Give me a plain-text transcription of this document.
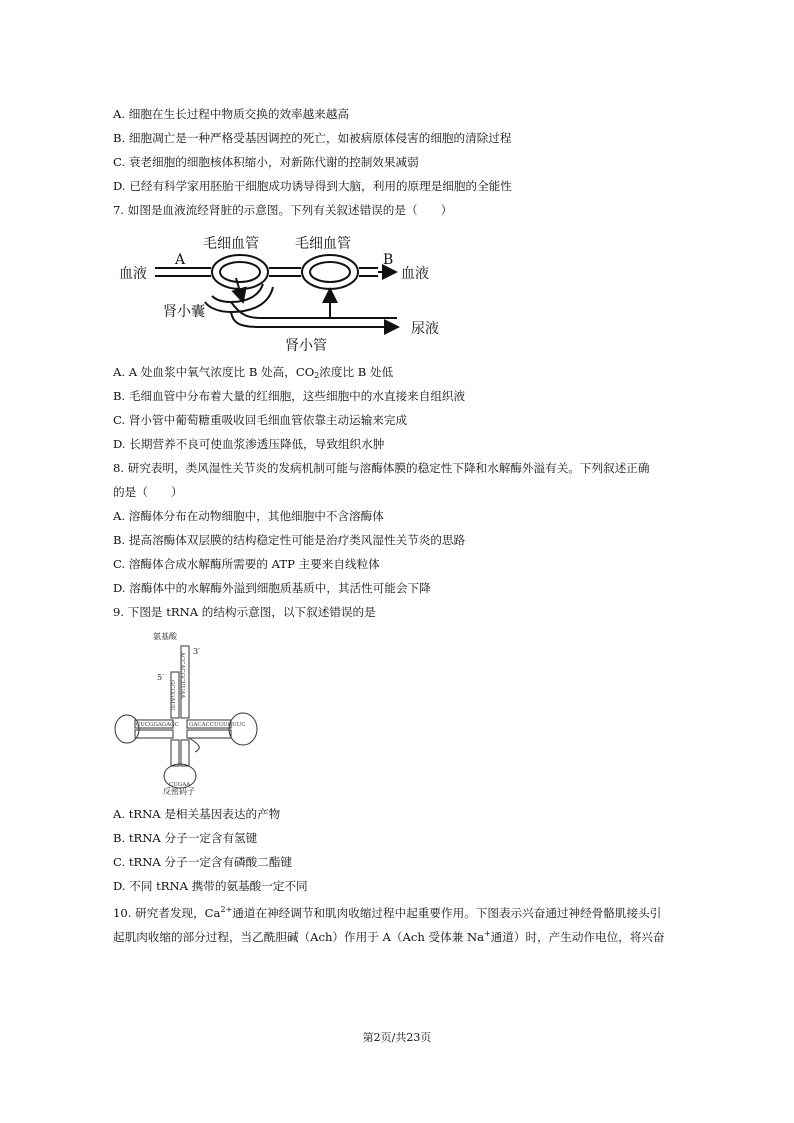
A. 细胞在生长过程中物质交换的效率越来越高
B. 细胞凋亡是一种严格受基因调控的死亡，如被病原体侵害的细胞的清除过程
C. 衰老细胞的细胞核体积缩小，对新陈代谢的控制效果减弱
D. 已经有科学家用胚胎干细胞成功诱导得到大脑，利用的原理是细胞的全能性
7. 如图是血液流经肾脏的示意图。下列有关叙述错误的是（　　）
毛细血管	毛细血管
血液	血液
A	B
肾小囊
肾小管
尿液
A. A 处血浆中氧气浓度比 B 处高，$CO_2$浓度比 B 处低
B. 毛细血管中分布着大量的红细胞，这些细胞中的水直接来自组织液
C. 肾小管中葡萄糖重吸收回毛细血管依靠主动运输来完成
D. 长期营养不良可使血浆渗透压降低，导致组织水肿
8. 研究表明，类风湿性关节炎的发病机制可能与溶酶体膜的稳定性下降和水解酶外溢有关。下列叙述正确
的是（　　）
A. 溶酶体分布在动物细胞中，其他细胞中不含溶酶体
B. 提高溶酶体双层膜的结构稳定性可能是治疗类风湿性关节炎的思路
C. 溶酶体合成水解酶所需要的 ATP 主要来自线粒体
D. 溶酶体中的水解酶外溢到细胞质基质中，其活性可能会下降
9. 下图是 tRNA 的结构示意图，以下叙述错误的是
氨基酸
3′
5′
GCGGAUU ACCACGCUUAA
CUCGGAGAGC GACACCUGUGUUC
CUGAA
反密码子
A. tRNA 是相关基因表达的产物
B. tRNA 分子一定含有氢键
C. tRNA 分子一定含有磷酸二酯键
D. 不同 tRNA 携带的氨基酸一定不同
10. 研究者发现，$Ca^{2+}$通道在神经调节和肌肉收缩过程中起重要作用。下图表示兴奋通过神经骨骼肌接头引
起肌肉收缩的部分过程，当乙酰胆碱（Ach）作用于 A（Ach 受体兼 Na+通道）时，产生动作电位，将兴奋
第2页/共23页
